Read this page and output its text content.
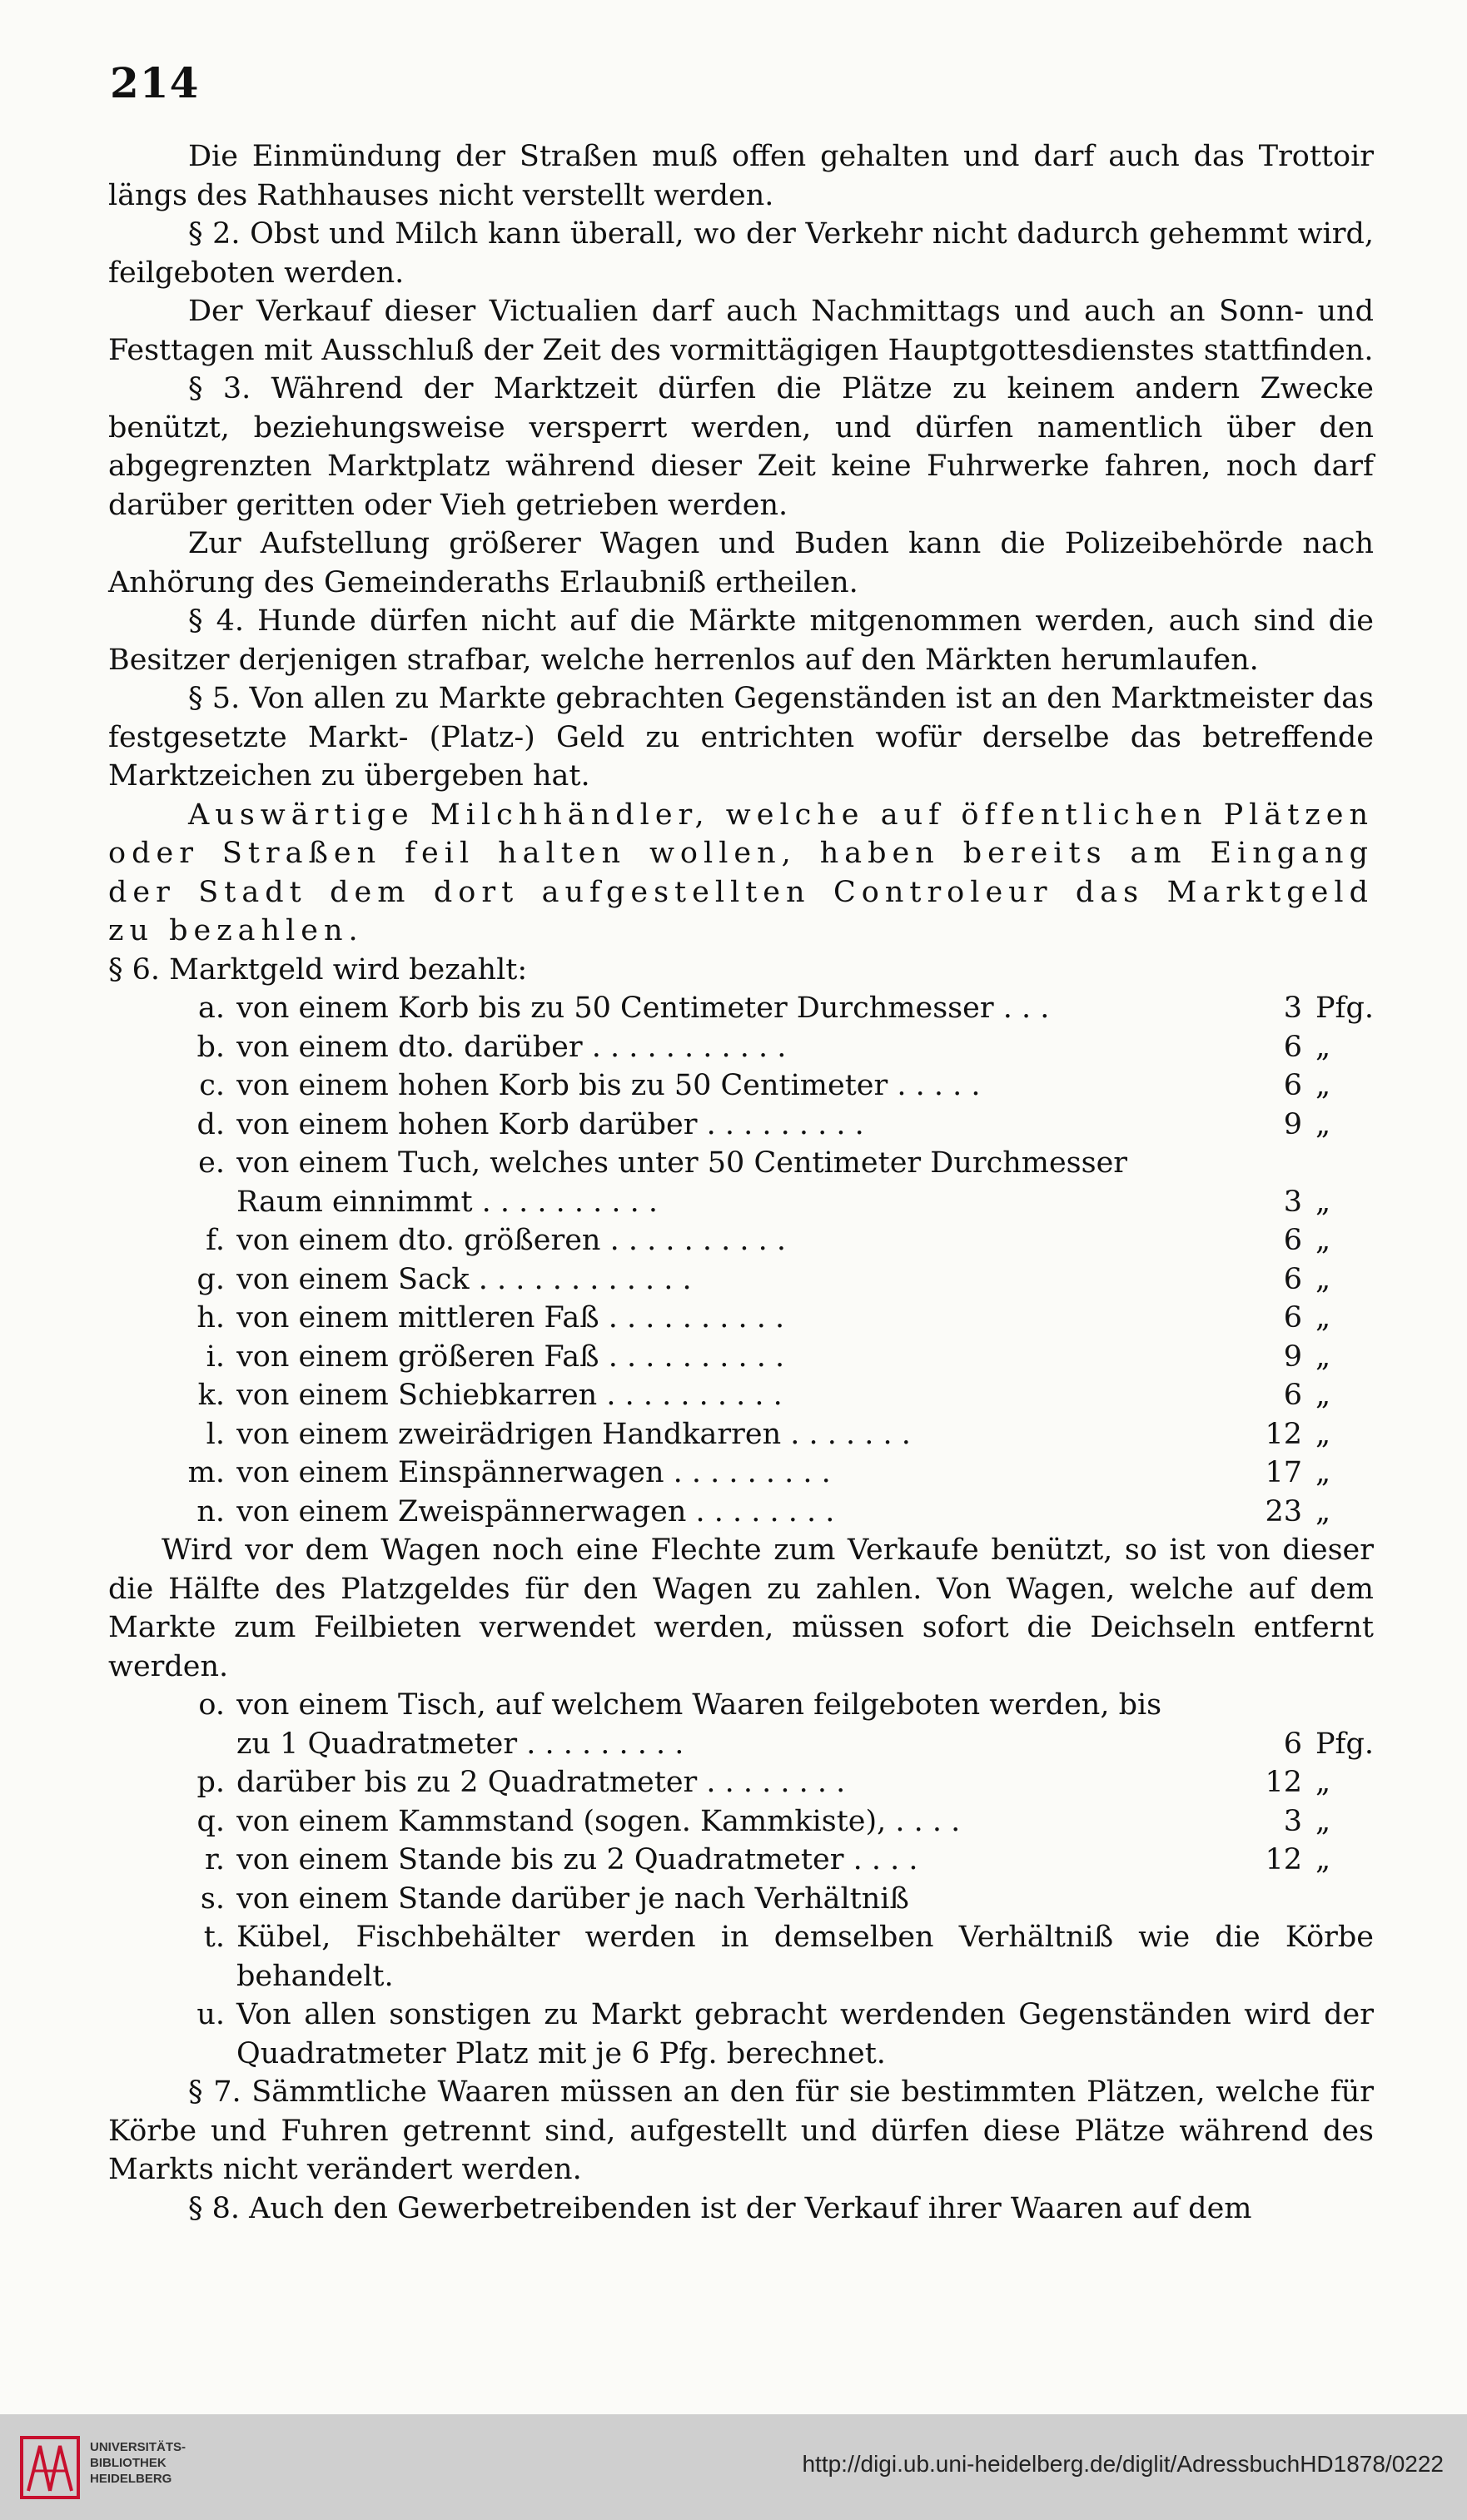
214

Die Einmündung der Straßen muß offen gehalten und darf auch das Trottoir längs des Rathhauses nicht verstellt werden.

§ 2. Obst und Milch kann überall, wo der Verkehr nicht dadurch gehemmt wird, feilgeboten werden.

Der Verkauf dieser Victualien darf auch Nachmittags und auch an Sonn- und Festtagen mit Ausschluß der Zeit des vormittägigen Hauptgottesdienstes stattfinden.

§ 3. Während der Marktzeit dürfen die Plätze zu keinem andern Zwecke benützt, beziehungsweise versperrt werden, und dürfen namentlich über den abgegrenzten Marktplatz während dieser Zeit keine Fuhrwerke fahren, noch darf darüber geritten oder Vieh getrieben werden.

Zur Aufstellung größerer Wagen und Buden kann die Polizeibehörde nach Anhörung des Gemeinderaths Erlaubniß ertheilen.

§ 4. Hunde dürfen nicht auf die Märkte mitgenommen werden, auch sind die Besitzer derjenigen strafbar, welche herrenlos auf den Märkten herumlaufen.

§ 5. Von allen zu Markte gebrachten Gegenständen ist an den Marktmeister das festgesetzte Markt- (Platz-) Geld zu entrichten wofür derselbe das betreffende Marktzeichen zu übergeben hat.

Auswärtige Milchhändler, welche auf öffentlichen Plätzen oder Straßen feil halten wollen, haben bereits am Eingang der Stadt dem dort aufgestellten Controleur das Marktgeld zu bezahlen.

§ 6. Marktgeld wird bezahlt:

a. von einem Korb bis zu 50 Centimeter Durchmesser . . .	3 Pfg.
b. von einem dto. darüber . . . . . . . . . . .	6 „
c. von einem hohen Korb bis zu 50 Centimeter . . . . .	6 „
d. von einem hohen Korb darüber . . . . . . . . .	9 „
e. von einem Tuch, welches unter 50 Centimeter Durchmesser
Raum einnimmt . . . . . . . . . .	3 „
f. von einem dto. größeren . . . . . . . . . .	6 „
g. von einem Sack . . . . . . . . . . . .	6 „
h. von einem mittleren Faß . . . . . . . . . .	6 „
i. von einem größeren Faß . . . . . . . . . .	9 „
k. von einem Schiebkarren . . . . . . . . . .	6 „
l. von einem zweirädrigen Handkarren . . . . . . .	12 „
m. von einem Einspännerwagen . . . . . . . . .	17 „
n. von einem Zweispännerwagen . . . . . . . .	23 „

Wird vor dem Wagen noch eine Flechte zum Verkaufe benützt, so ist von dieser die Hälfte des Platzgeldes für den Wagen zu zahlen. Von Wagen, welche auf dem Markte zum Feilbieten verwendet werden, müssen sofort die Deichseln entfernt werden.

o. von einem Tisch, auf welchem Waaren feilgeboten werden, bis
zu 1 Quadratmeter . . . . . . . . .	6 Pfg.
p. darüber bis zu 2 Quadratmeter . . . . . . . .	12 „
q. von einem Kammstand (sogen. Kammkiste), . . . .	3 „
r. von einem Stande bis zu 2 Quadratmeter . . . .	12 „
s. von einem Stande darüber je nach Verhältniß
t. Kübel, Fischbehälter werden in demselben Verhältniß wie die Körbe behandelt.
u. Von allen sonstigen zu Markt gebracht werdenden Gegenständen wird der Quadratmeter Platz mit je 6 Pfg. berechnet.

§ 7. Sämmtliche Waaren müssen an den für sie bestimmten Plätzen, welche für Körbe und Fuhren getrennt sind, aufgestellt und dürfen diese Plätze während des Markts nicht verändert werden.

§ 8. Auch den Gewerbetreibenden ist der Verkauf ihrer Waaren auf dem

UNIVERSITÄTS-
BIBLIOTHEK
HEIDELBERG
http://digi.ub.uni-heidelberg.de/diglit/AdressbuchHD1878/0222
